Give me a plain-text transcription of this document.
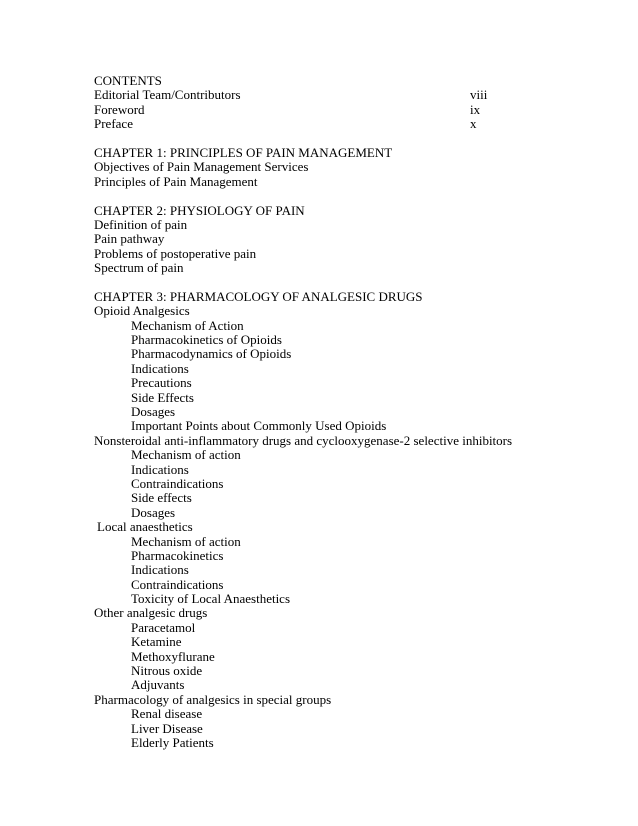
CONTENTS
Editorial Team/Contributors	viii
Foreword	ix
Preface	x
CHAPTER 1: PRINCIPLES OF PAIN MANAGEMENT
Objectives of Pain Management Services
Principles of Pain Management
CHAPTER 2: PHYSIOLOGY OF PAIN
Definition of pain
Pain pathway
Problems of postoperative pain
Spectrum of pain
CHAPTER 3: PHARMACOLOGY OF ANALGESIC DRUGS
Opioid Analgesics
Mechanism of Action
Pharmacokinetics of Opioids
Pharmacodynamics of Opioids
Indications
Precautions
Side Effects
Dosages
Important Points about Commonly Used Opioids
Nonsteroidal anti-inflammatory drugs and cyclooxygenase-2 selective inhibitors
Mechanism of action
Indications
Contraindications
Side effects
Dosages
Local anaesthetics
Mechanism of action
Pharmacokinetics
Indications
Contraindications
Toxicity of Local Anaesthetics
Other analgesic drugs
Paracetamol
Ketamine
Methoxyflurane
Nitrous oxide
Adjuvants
Pharmacology of analgesics in special groups
Renal disease
Liver Disease
Elderly Patients
